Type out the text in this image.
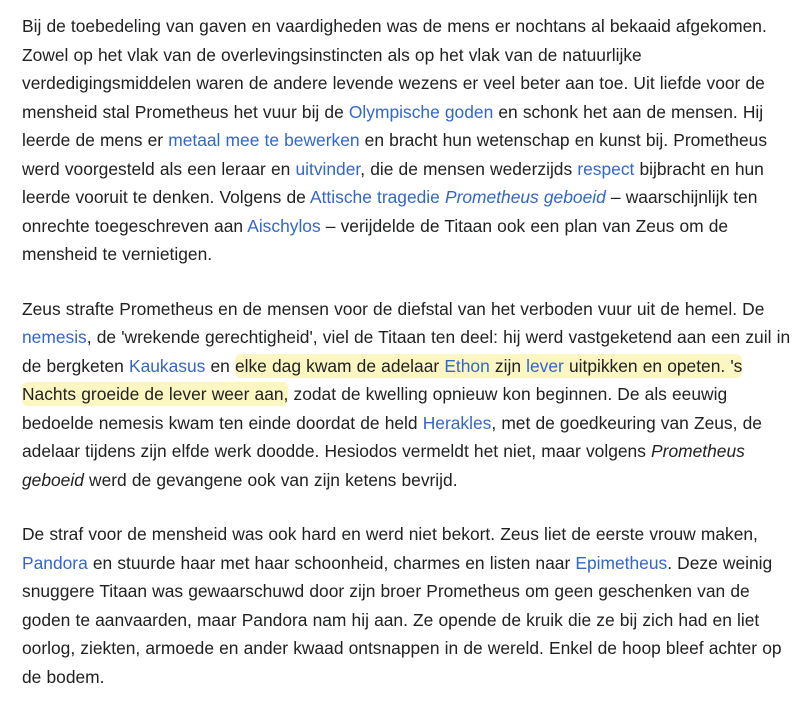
Bij de toebedeling van gaven en vaardigheden was de mens er nochtans al bekaaid afgekomen. Zowel op het vlak van de overlevingsinstincten als op het vlak van de natuurlijke verdedigingsmiddelen waren de andere levende wezens er veel beter aan toe. Uit liefde voor de mensheid stal Prometheus het vuur bij de Olympische goden en schonk het aan de mensen. Hij leerde de mens er metaal mee te bewerken en bracht hun wetenschap en kunst bij. Prometheus werd voorgesteld als een leraar en uitvinder, die de mensen wederzijds respect bijbracht en hun leerde vooruit te denken. Volgens de Attische tragedie Prometheus geboeid – waarschijnlijk ten onrechte toegeschreven aan Aischylos – verijdelde de Titaan ook een plan van Zeus om de mensheid te vernietigen.

Zeus strafte Prometheus en de mensen voor de diefstal van het verboden vuur uit de hemel. De nemesis, de 'wrekende gerechtigheid', viel de Titaan ten deel: hij werd vastgeketend aan een zuil in de bergketen Kaukasus en elke dag kwam de adelaar Ethon zijn lever uitpikken en opeten. 's Nachts groeide de lever weer aan, zodat de kwelling opnieuw kon beginnen. De als eeuwig bedoelde nemesis kwam ten einde doordat de held Herakles, met de goedkeuring van Zeus, de adelaar tijdens zijn elfde werk doodde. Hesiodos vermeldt het niet, maar volgens Prometheus geboeid werd de gevangene ook van zijn ketens bevrijd.

De straf voor de mensheid was ook hard en werd niet bekort. Zeus liet de eerste vrouw maken, Pandora en stuurde haar met haar schoonheid, charmes en listen naar Epimetheus. Deze weinig snuggere Titaan was gewaarschuwd door zijn broer Prometheus om geen geschenken van de goden te aanvaarden, maar Pandora nam hij aan. Ze opende de kruik die ze bij zich had en liet oorlog, ziekten, armoede en ander kwaad ontsnappen in de wereld. Enkel de hoop bleef achter op de bodem.
